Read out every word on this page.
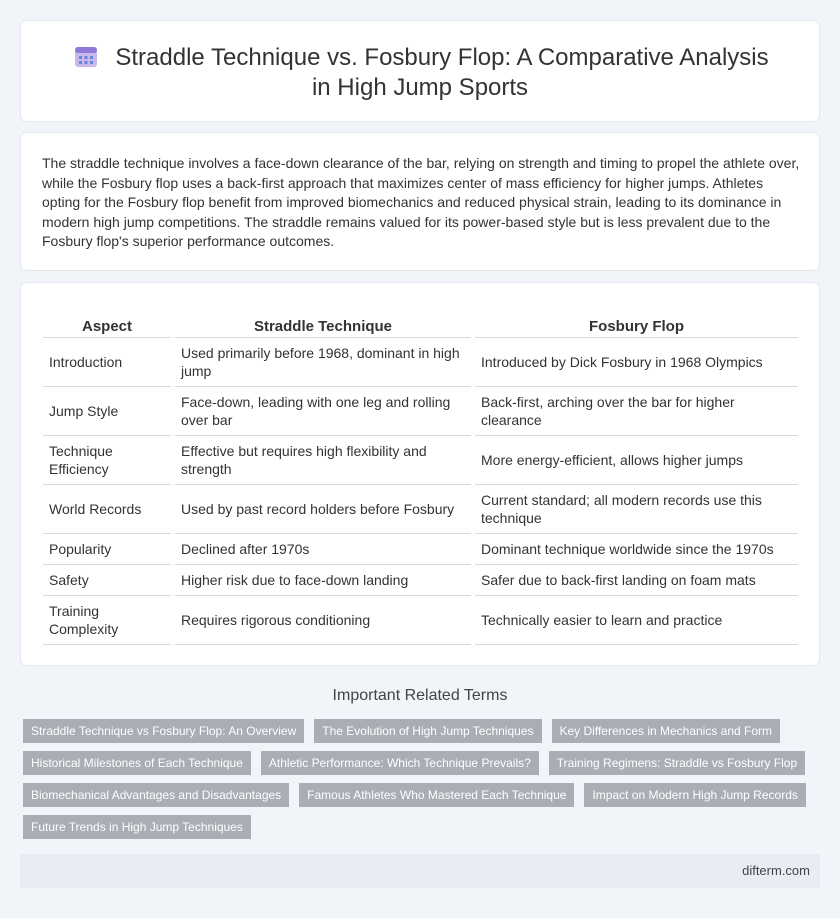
Straddle Technique vs. Fosbury Flop: A Comparative Analysis in High Jump Sports

The straddle technique involves a face-down clearance of the bar, relying on strength and timing to propel the athlete over, while the Fosbury flop uses a back-first approach that maximizes center of mass efficiency for higher jumps. Athletes opting for the Fosbury flop benefit from improved biomechanics and reduced physical strain, leading to its dominance in modern high jump competitions. The straddle remains valued for its power-based style but is less prevalent due to the Fosbury flop's superior performance outcomes.

Aspect	Straddle Technique	Fosbury Flop
Introduction	Used primarily before 1968, dominant in high jump	Introduced by Dick Fosbury in 1968 Olympics
Jump Style	Face-down, leading with one leg and rolling over bar	Back-first, arching over the bar for higher clearance
Technique Efficiency	Effective but requires high flexibility and strength	More energy-efficient, allows higher jumps
World Records	Used by past record holders before Fosbury	Current standard; all modern records use this technique
Popularity	Declined after 1970s	Dominant technique worldwide since the 1970s
Safety	Higher risk due to face-down landing	Safer due to back-first landing on foam mats
Training Complexity	Requires rigorous conditioning	Technically easier to learn and practice
Important Related Terms
Straddle Technique vs Fosbury Flop: An Overview	The Evolution of High Jump Techniques	Key Differences in Mechanics and Form
Historical Milestones of Each Technique	Athletic Performance: Which Technique Prevails?	Training Regimens: Straddle vs Fosbury Flop
Biomechanical Advantages and Disadvantages	Famous Athletes Who Mastered Each Technique	Impact on Modern High Jump Records
Future Trends in High Jump Techniques
difterm.com
